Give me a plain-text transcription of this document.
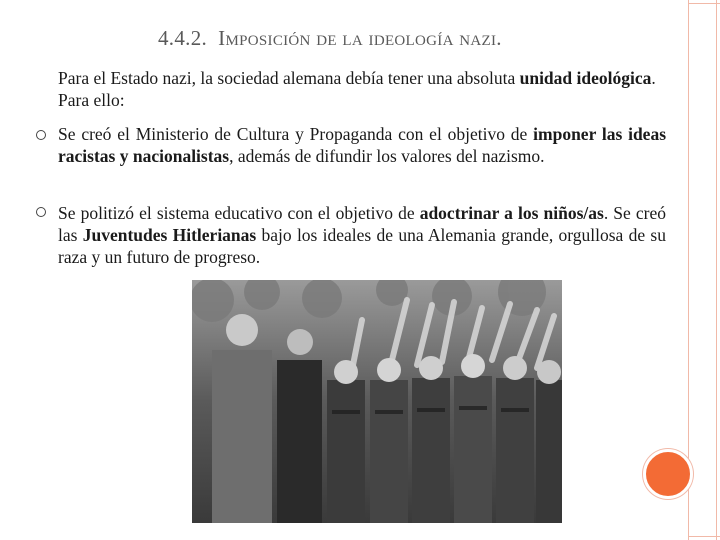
4.4.2. Imposición de la ideología nazi.
Para el Estado nazi, la sociedad alemana debía tener una absoluta unidad ideológica. Para ello:
Se creó el Ministerio de Cultura y Propaganda con el objetivo de imponer las ideas racistas y nacionalistas, además de difundir los valores del nazismo.
Se politizó el sistema educativo con el objetivo de adoctrinar a los niños/as. Se creó las Juventudes Hitlerianas bajo los ideales de una Alemania grande, orgullosa de su raza y un futuro de progreso.
